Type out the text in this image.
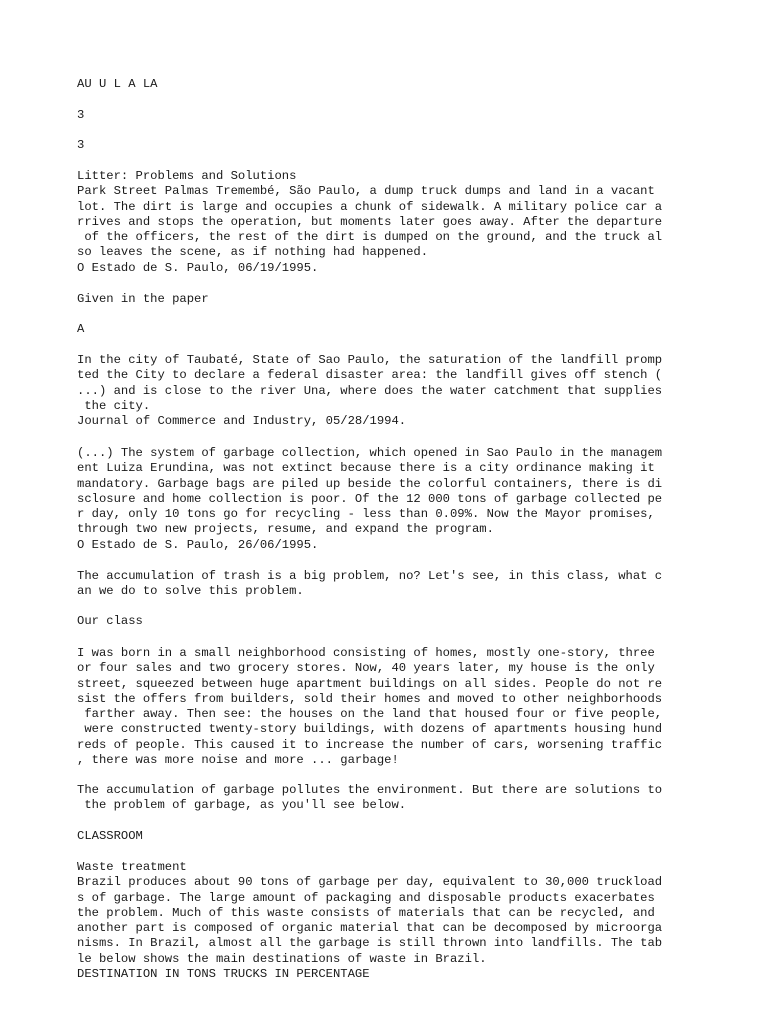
AU U L A LA

3

3

Litter: Problems and Solutions
Park Street Palmas Tremembé, São Paulo, a dump truck dumps and land in a vacant
lot. The dirt is large and occupies a chunk of sidewalk. A military police car a
rrives and stops the operation, but moments later goes away. After the departure
of the officers, the rest of the dirt is dumped on the ground, and the truck al
so leaves the scene, as if nothing had happened.
O Estado de S. Paulo, 06/19/1995.

Given in the paper

A

In the city of Taubaté, State of Sao Paulo, the saturation of the landfill promp
ted the City to declare a federal disaster area: the landfill gives off stench (
...) and is close to the river Una, where does the water catchment that supplies
the city.
Journal of Commerce and Industry, 05/28/1994.
(...) The system of garbage collection, which opened in Sao Paulo in the managem
ent Luiza Erundina, was not extinct because there is a city ordinance making it
mandatory. Garbage bags are piled up beside the colorful containers, there is di
sclosure and home collection is poor. Of the 12 000 tons of garbage collected pe
r day, only 10 tons go for recycling - less than 0.09%. Now the Mayor promises,
through two new projects, resume, and expand the program.
O Estado de S. Paulo, 26/06/1995.
The accumulation of trash is a big problem, no? Let's see, in this class, what c
an we do to solve this problem.

Our class

I was born in a small neighborhood consisting of homes, mostly one-story, three
or four sales and two grocery stores. Now, 40 years later, my house is the only
street, squeezed between huge apartment buildings on all sides. People do not re
sist the offers from builders, sold their homes and moved to other neighborhoods
farther away. Then see: the houses on the land that housed four or five people,
were constructed twenty-story buildings, with dozens of apartments housing hund
reds of people. This caused it to increase the number of cars, worsening traffic
, there was more noise and more ... garbage!
The accumulation of garbage pollutes the environment. But there are solutions to
the problem of garbage, as you'll see below.

CLASSROOM

Waste treatment
Brazil produces about 90 tons of garbage per day, equivalent to 30,000 truckload
s of garbage. The large amount of packaging and disposable products exacerbates
the problem. Much of this waste consists of materials that can be recycled, and
another part is composed of organic material that can be decomposed by microorga
nisms. In Brazil, almost all the garbage is still thrown into landfills. The tab
le below shows the main destinations of waste in Brazil.
DESTINATION IN TONS TRUCKS IN PERCENTAGE
